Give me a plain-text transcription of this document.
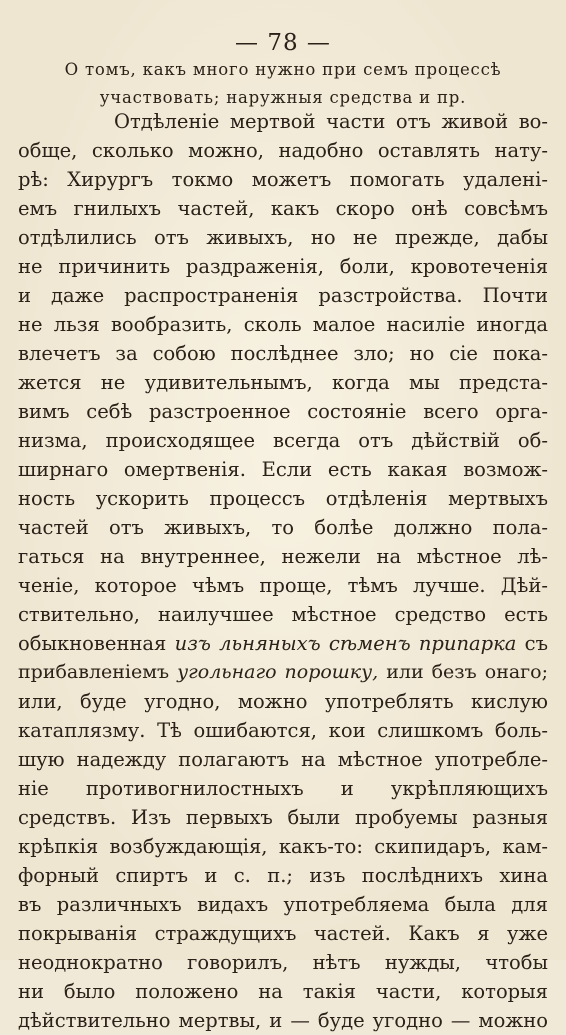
— 78 —
О томъ, какъ много нужно при семъ процессѣ
участвовать; наружныя средства и пр.
Отдѣленіе мертвой части отъ живой во-
обще, сколько можно, надобно оставлять нату-
рѣ: Хирургъ токмо можетъ помогать удаленi-
емъ гнилыхъ частей, какъ скоро онѣ совсѣмъ
отдѣлились отъ живыхъ, но не прежде, дабы
не причинить раздраженія, боли, кровотеченія
и даже распространенія разстройства. Почти
не льзя вообразить, сколь малое насиліе иногда
влечетъ за собою послѣднее зло; но сіе пока-
жется не удивительнымъ, когда мы предста-
вимъ себѣ разстроенное состояніе всего орга-
низма, происходящее всегда отъ дѣйствій об-
ширнаго омертвенія. Если есть какая возмож-
ность ускорить процессъ отдѣленія мертвыхъ
частей отъ живыхъ, то болѣе должно пола-
гаться на внутреннее, нежели на мѣстное лѣ-
ченіе, которое чѣмъ проще, тѣмъ лучше. Дѣй-
ствительно, наилучшее мѣстное средство есть
обыкновенная изъ льняныхъ сѣменъ припарка съ
прибавленіемъ угольнаго порошку, или безъ онаго;
или, буде угодно, можно употреблять кислую
катаплязму. Тѣ ошибаются, кои слишкомъ боль-
шую надежду полагаютъ на мѣстное употребле-
ніе противогнилостныхъ и укрѣпляющихъ
средствъ. Изъ первыхъ были пробуемы разныя
крѣпкія возбуждающія, какъ-то: скипидаръ, кам-
форный спиртъ и с. п.; изъ послѣднихъ хина
въ различныхъ видахъ употребляема была для
покрыванія страждущихъ частей. Какъ я уже
неоднократно говорилъ, нѣтъ нужды, чтобы
ни было положено на такія части, которыя
дѣйствительно мертвы, и — буде угодно — можно
